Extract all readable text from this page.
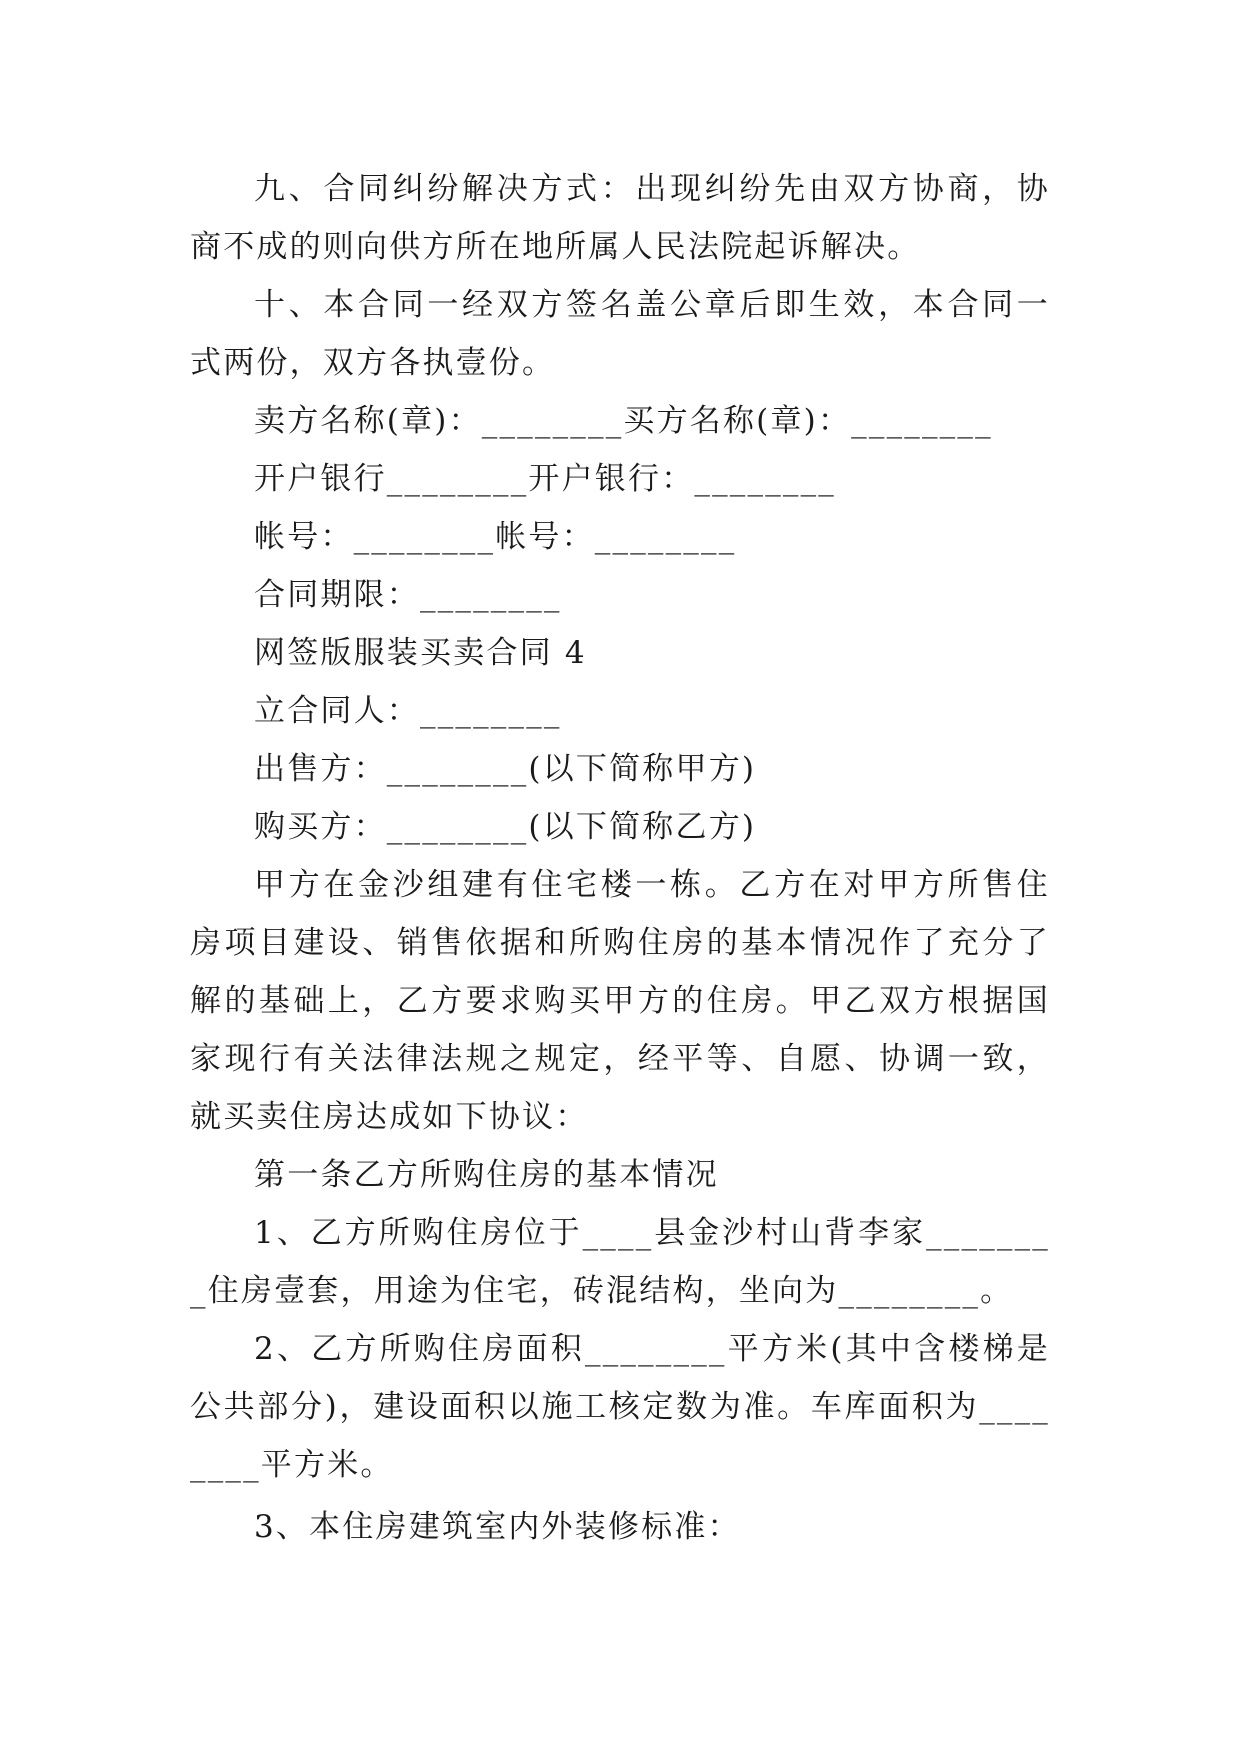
九、合同纠纷解决方式：出现纠纷先由双方协商，协商不成的则向供方所在地所属人民法院起诉解决。

十、本合同一经双方签名盖公章后即生效，本合同一式两份，双方各执壹份。

卖方名称(章)：________买方名称(章)：________

开户银行________开户银行：________

帐号：________帐号：________

合同期限：________

网签版服装买卖合同 4

立合同人：________

出售方：________(以下简称甲方)

购买方：________(以下简称乙方)

甲方在金沙组建有住宅楼一栋。乙方在对甲方所售住房项目建设、销售依据和所购住房的基本情况作了充分了解的基础上，乙方要求购买甲方的住房。甲乙双方根据国家现行有关法律法规之规定，经平等、自愿、协调一致，就买卖住房达成如下协议：

第一条乙方所购住房的基本情况

1、乙方所购住房位于____县金沙村山背李家________住房壹套，用途为住宅，砖混结构，坐向为________。

2、乙方所购住房面积________平方米(其中含楼梯是公共部分)，建设面积以施工核定数为准。车库面积为________平方米。

3、本住房建筑室内外装修标准：
